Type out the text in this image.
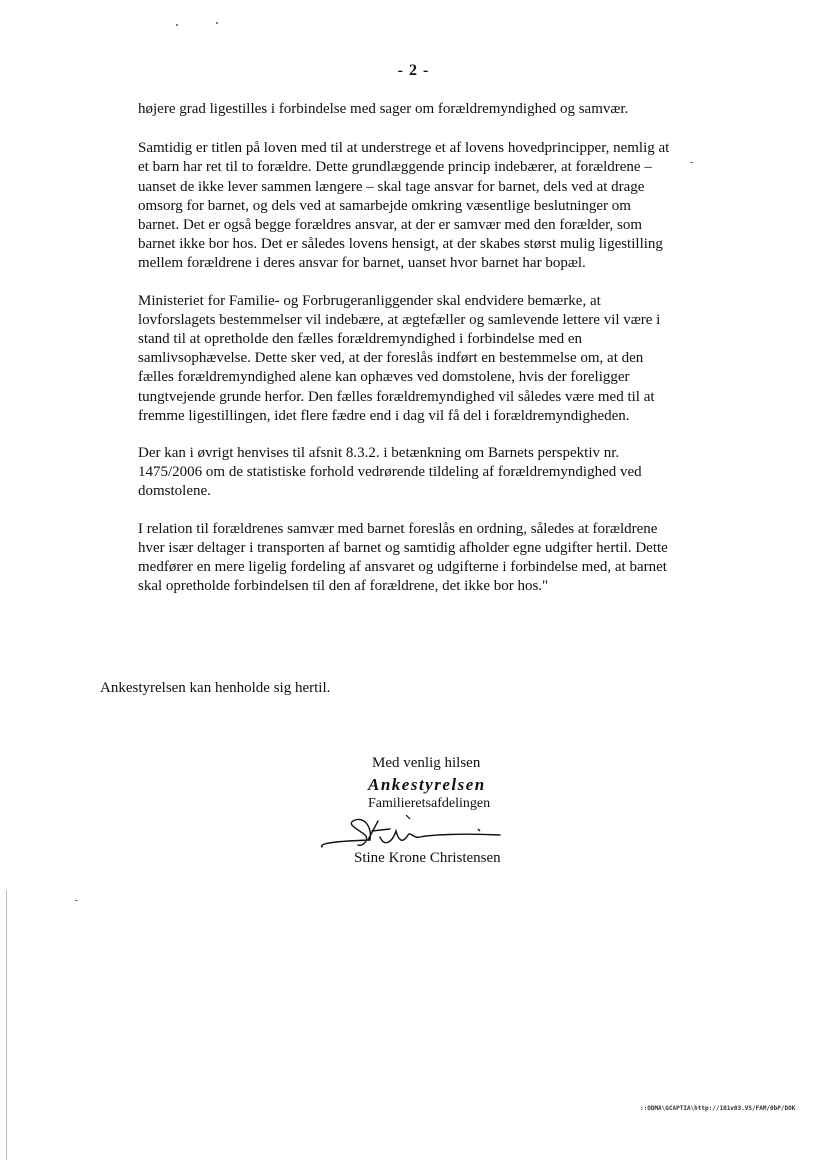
- 2 -

højere grad ligestilles i forbindelse med sager om forældremyndighed og samvær.

Samtidig er titlen på loven med til at understrege et af lovens hovedprincipper, nemlig at et barn har ret til to forældre. Dette grundlæggende princip indebærer, at forældrene – uanset de ikke lever sammen længere – skal tage ansvar for barnet, dels ved at drage omsorg for barnet, og dels ved at samarbejde omkring væsentlige beslutninger om barnet. Det er også begge forældres ansvar, at der er samvær med den forælder, som barnet ikke bor hos. Det er således lovens hensigt, at der skabes størst mulig ligestilling mellem forældrene i deres ansvar for barnet, uanset hvor barnet har bopæl.

Ministeriet for Familie- og Forbrugeranliggender skal endvidere bemærke, at lovforslagets bestemmelser vil indebære, at ægtefæller og samlevende lettere vil være i stand til at opretholde den fælles forældremyndighed i forbindelse med en samlivsophævelse. Dette sker ved, at der foreslås indført en bestemmelse om, at den fælles forældremyndighed alene kan ophæves ved domstolene, hvis der foreligger tungtvejende grunde herfor. Den fælles forældremyndighed vil således være med til at fremme ligestillingen, idet flere fædre end i dag vil få del i forældremyndigheden.

Der kan i øvrigt henvises til afsnit 8.3.2. i betænkning om Barnets perspektiv nr. 1475/2006 om de statistiske forhold vedrørende tildeling af forældremyndighed ved domstolene.

I relation til forældrenes samvær med barnet foreslås en ordning, således at forældrene hver især deltager i transporten af barnet og samtidig afholder egne udgifter hertil. Dette medfører en mere ligelig fordeling af ansvaret og udgifterne i forbindelse med, at barnet skal opretholde forbindelsen til den af forældrene, det ikke bor hos."

Ankestyrelsen kan henholde sig hertil.
Med venlig hilsen
Ankestyrelsen
Familieretsafdelingen
Stine Krone Christensen
::ODMA\GCAPTIA\http://101v03.VS/FAM/0bP/DOK
